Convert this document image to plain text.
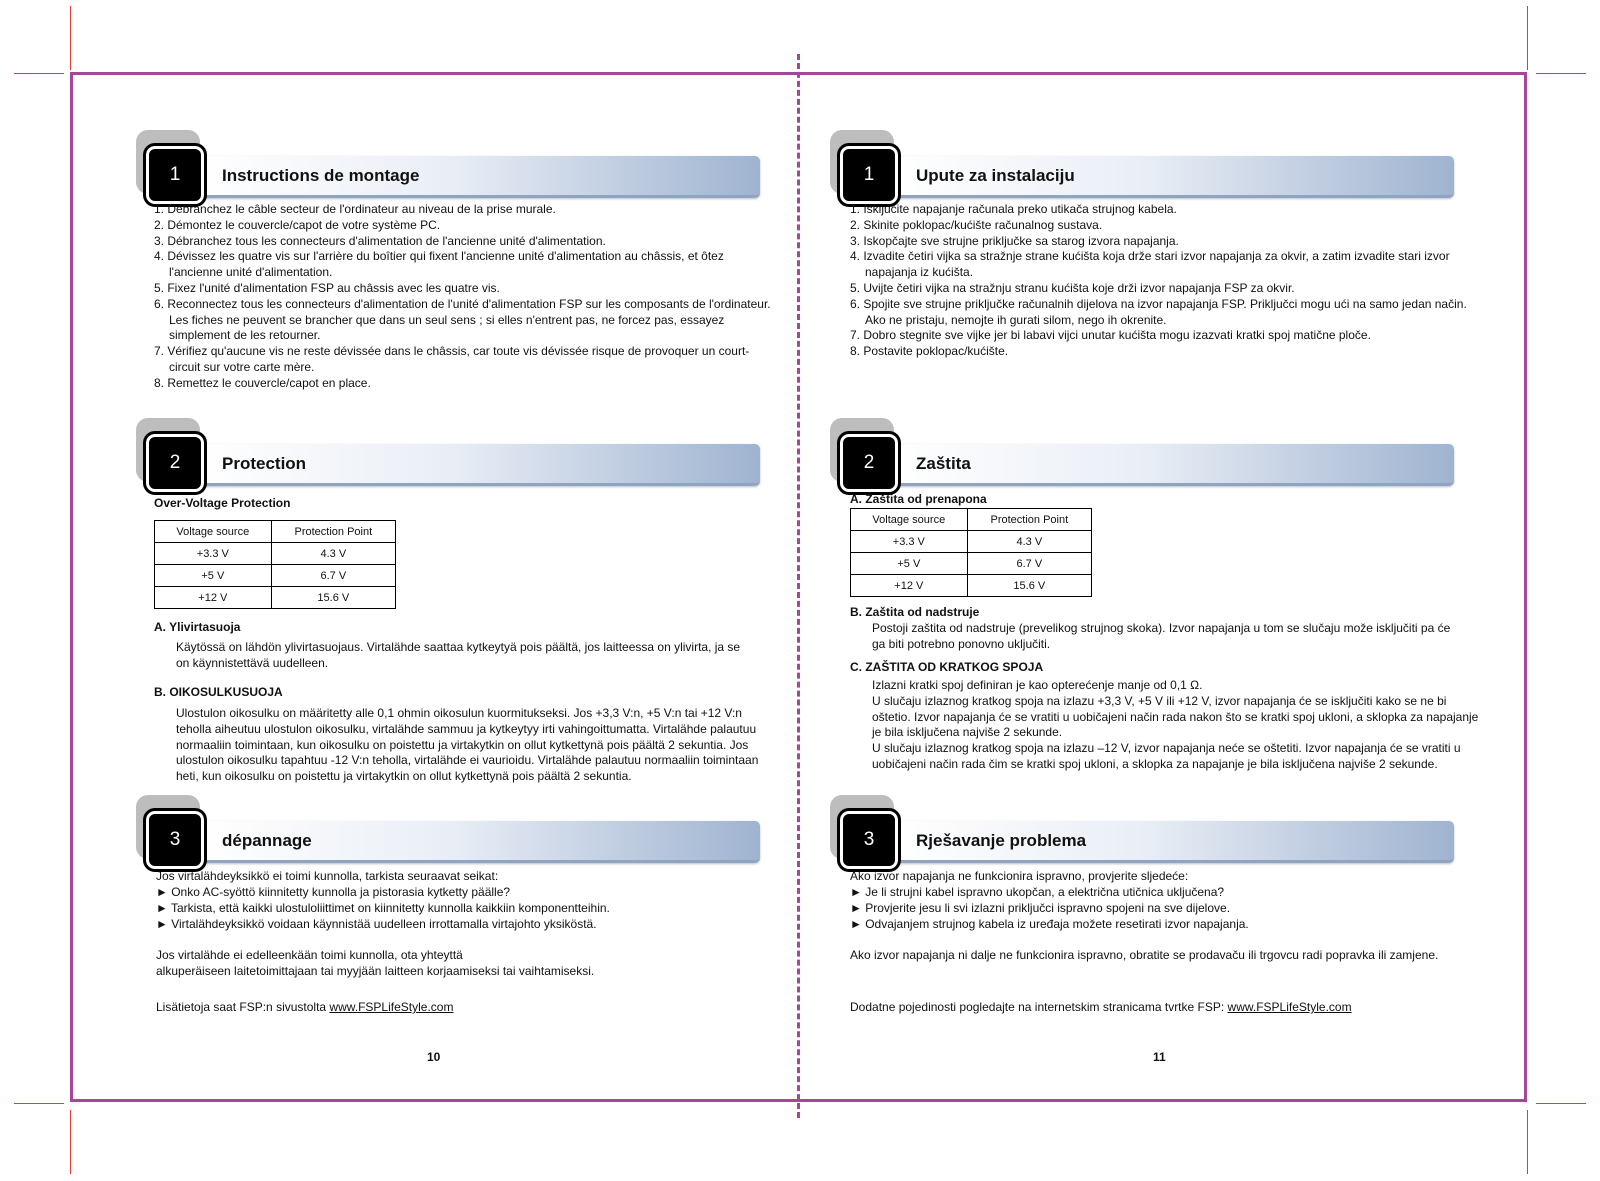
1	Instructions de montage
1. Débranchez le câble secteur de l'ordinateur au niveau de la prise murale.
2. Démontez le couvercle/capot de votre système PC.
3. Débranchez tous les connecteurs d'alimentation de l'ancienne unité d'alimentation.
4. Dévissez les quatre vis sur l'arrière du boîtier qui fixent l'ancienne unité d'alimentation au châssis, et ôtez l'ancienne unité d'alimentation.
5. Fixez l'unité d'alimentation FSP au châssis avec les quatre vis.
6. Reconnectez tous les connecteurs d'alimentation de l'unité d'alimentation FSP sur les composants de l'ordinateur. Les fiches ne peuvent se brancher que dans un seul sens ; si elles n'entrent pas, ne forcez pas, essayez simplement de les retourner.
7. Vérifiez qu'aucune vis ne reste dévissée dans le châssis, car toute vis dévissée risque de provoquer un court-circuit sur votre carte mère.
8. Remettez le couvercle/capot en place.
2	Protection
Over-Voltage Protection
Voltage source	Protection Point
+3.3 V	4.3 V
+5 V	6.7 V
+12 V	15.6 V
A. Ylivirtasuoja
Käytössä on lähdön ylivirtasuojaus. Virtalähde saattaa kytkeytyä pois päältä, jos laitteessa on ylivirta, ja se on käynnistettävä uudelleen.
B. OIKOSULKUSUOJA
Ulostulon oikosulku on määritetty alle 0,1 ohmin oikosulun kuormitukseksi. Jos +3,3 V:n, +5 V:n tai +12 V:n teholla aiheutuu ulostulon oikosulku, virtalähde sammuu ja kytkeytyy irti vahingoittumatta. Virtalähde palautuu normaaliin toimintaan, kun oikosulku on poistettu ja virtakytkin on ollut kytkettynä pois päältä 2 sekuntia. Jos ulostulon oikosulku tapahtuu -12 V:n teholla, virtalähde ei vaurioidu. Virtalähde palautuu normaaliin toimintaan heti, kun oikosulku on poistettu ja virtakytkin on ollut kytkettynä pois päältä 2 sekuntia.
3	dépannage
Jos virtalähdeyksikkö ei toimi kunnolla, tarkista seuraavat seikat:
► Onko AC-syöttö kiinnitetty kunnolla ja pistorasia kytketty päälle?
► Tarkista, että kaikki ulostuloliittimet on kiinnitetty kunnolla kaikkiin komponentteihin.
► Virtalähdeyksikkö voidaan käynnistää uudelleen irrottamalla virtajohto yksiköstä.
Jos virtalähde ei edelleenkään toimi kunnolla, ota yhteyttä
alkuperäiseen laitetoimittajaan tai myyjään laitteen korjaamiseksi tai vaihtamiseksi.
Lisätietoja saat FSP:n sivustolta www.FSPLifeStyle.com
10
1	Upute za instalaciju
1. Isključite napajanje računala preko utikača strujnog kabela.
2. Skinite poklopac/kućište računalnog sustava.
3. Iskopčajte sve strujne priključke sa starog izvora napajanja.
4. Izvadite četiri vijka sa stražnje strane kućišta koja drže stari izvor napajanja za okvir, a zatim izvadite stari izvor napajanja iz kućišta.
5. Uvijte četiri vijka na stražnju stranu kućišta koje drži izvor napajanja FSP za okvir.
6. Spojite sve strujne priključke računalnih dijelova na izvor napajanja FSP. Priključci mogu ući na samo jedan način. Ako ne pristaju, nemojte ih gurati silom, nego ih okrenite.
7. Dobro stegnite sve vijke jer bi labavi vijci unutar kućišta mogu izazvati kratki spoj matične ploče.
8. Postavite poklopac/kućište.
2	Zaštita
A. Zaštita od prenapona
Voltage source	Protection Point
+3.3 V	4.3 V
+5 V	6.7 V
+12 V	15.6 V
B. Zaštita od nadstruje
Postoji zaštita od nadstruje (prevelikog strujnog skoka). Izvor napajanja u tom se slučaju može isključiti pa će ga biti potrebno ponovno uključiti.
C. ZAŠTITA OD KRATKOG SPOJA
Izlazni kratki spoj definiran je kao opterećenje manje od 0,1 Ω.
U slučaju izlaznog kratkog spoja na izlazu +3,3 V, +5 V ili +12 V, izvor napajanja će se isključiti kako se ne bi oštetio. Izvor napajanja će se vratiti u uobičajeni način rada nakon što se kratki spoj ukloni, a sklopka za napajanje je bila isključena najviše 2 sekunde.
U slučaju izlaznog kratkog spoja na izlazu –12 V, izvor napajanja neće se oštetiti. Izvor napajanja će se vratiti u uobičajeni način rada čim se kratki spoj ukloni, a sklopka za napajanje je bila isključena najviše 2 sekunde.
3	Rješavanje problema
Ako izvor napajanja ne funkcionira ispravno, provjerite sljedeće:
► Je li strujni kabel ispravno ukopčan, a električna utičnica uključena?
► Provjerite jesu li svi izlazni priključci ispravno spojeni na sve dijelove.
► Odvajanjem strujnog kabela iz uređaja možete resetirati izvor napajanja.
Ako izvor napajanja ni dalje ne funkcionira ispravno, obratite se prodavaču ili trgovcu radi popravka ili zamjene.
Dodatne pojedinosti pogledajte na internetskim stranicama tvrtke FSP: www.FSPLifeStyle.com
11
